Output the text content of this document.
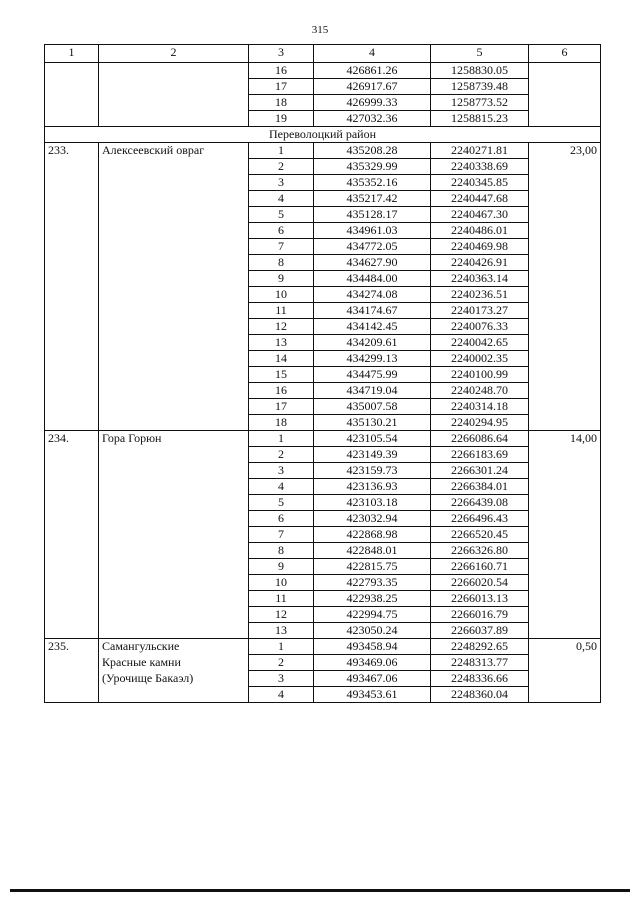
315
1	2	3	4	5	6
		16	426861.26	1258830.05	
		17	426917.67	1258739.48	
		18	426999.33	1258773.52	
		19	427032.36	1258815.23	
Переволоцкий район					
233.	Алексеевский овраг	1	435208.28	2240271.81	23,00
		2	435329.99	2240338.69	
		3	435352.16	2240345.85	
		4	435217.42	2240447.68	
		5	435128.17	2240467.30	
		6	434961.03	2240486.01	
		7	434772.05	2240469.98	
		8	434627.90	2240426.91	
		9	434484.00	2240363.14	
		10	434274.08	2240236.51	
		11	434174.67	2240173.27	
		12	434142.45	2240076.33	
		13	434209.61	2240042.65	
		14	434299.13	2240002.35	
		15	434475.99	2240100.99	
		16	434719.04	2240248.70	
		17	435007.58	2240314.18	
		18	435130.21	2240294.95	
234.	Гора Горюн	1	423105.54	2266086.64	14,00
		2	423149.39	2266183.69	
		3	423159.73	2266301.24	
		4	423136.93	2266384.01	
		5	423103.18	2266439.08	
		6	423032.94	2266496.43	
		7	422868.98	2266520.45	
		8	422848.01	2266326.80	
		9	422815.75	2266160.71	
		10	422793.35	2266020.54	
		11	422938.25	2266013.13	
		12	422994.75	2266016.79	
		13	423050.24	2266037.89	
235.	Самангульские	1	493458.94	2248292.65	0,50
	Красные камни	2	493469.06	2248313.77	
	(Урочище Бакаэл)	3	493467.06	2248336.66	
		4	493453.61	2248360.04	
